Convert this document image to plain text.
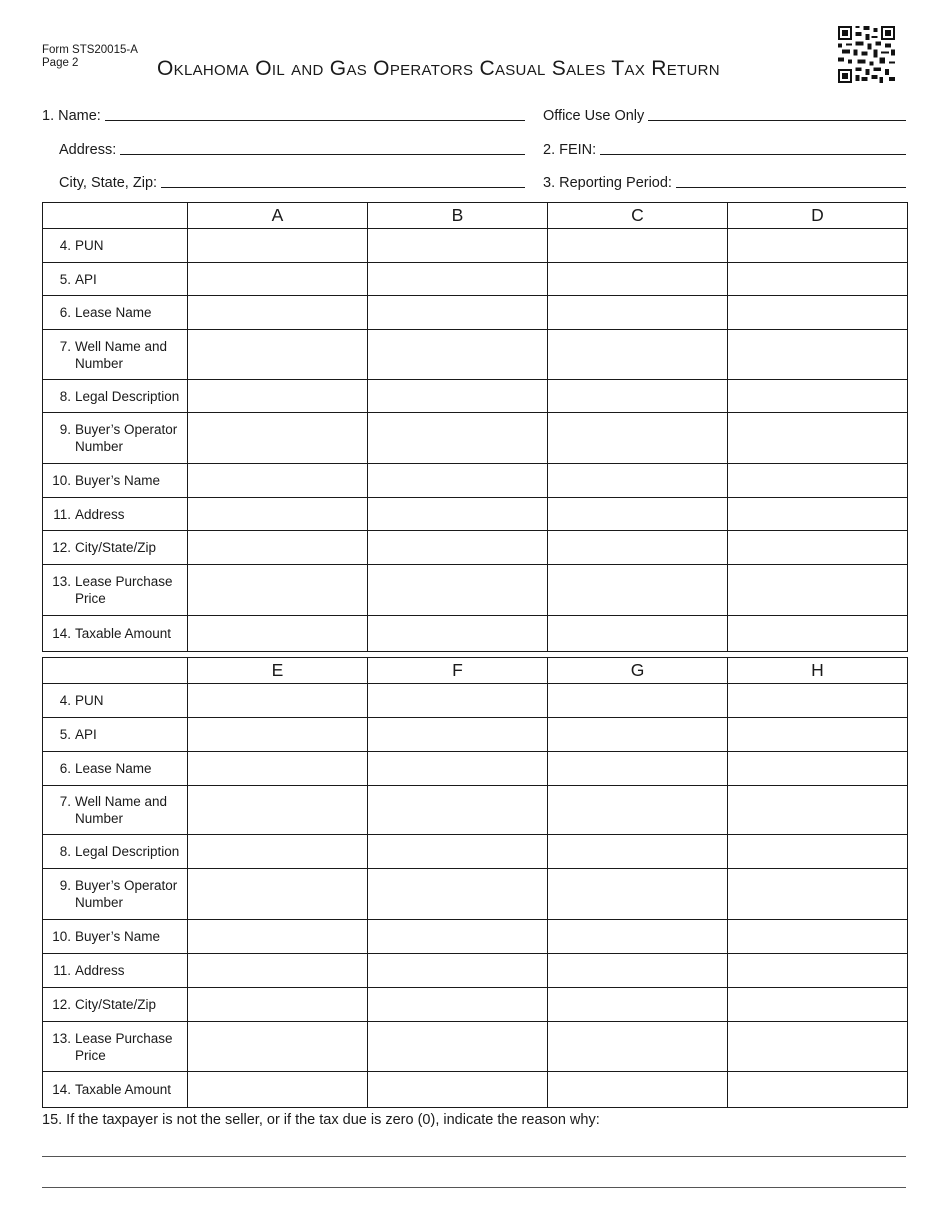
Form STS20015-A
Page 2	Oklahoma Oil and Gas Operators Casual Sales Tax Return
1. Name:
Address:
City, State, Zip:
Office Use Only
2. FEIN:
3. Reporting Period:
	A	B	C	D
4. PUN				
5. API				
6. Lease Name				
7. Well Name and Number				
8. Legal Description				
9. Buyer’s Operator Number				
10. Buyer’s Name				
11. Address				
12. City/State/Zip				
13. Lease Purchase Price				
14. Taxable Amount				
	E	F	G	H
4. PUN				
5. API				
6. Lease Name				
7. Well Name and Number				
8. Legal Description				
9. Buyer’s Operator Number				
10. Buyer’s Name				
11. Address				
12. City/State/Zip				
13. Lease Purchase Price				
14. Taxable Amount				
15. If the taxpayer is not the seller, or if the tax due is zero (0), indicate the reason why:
